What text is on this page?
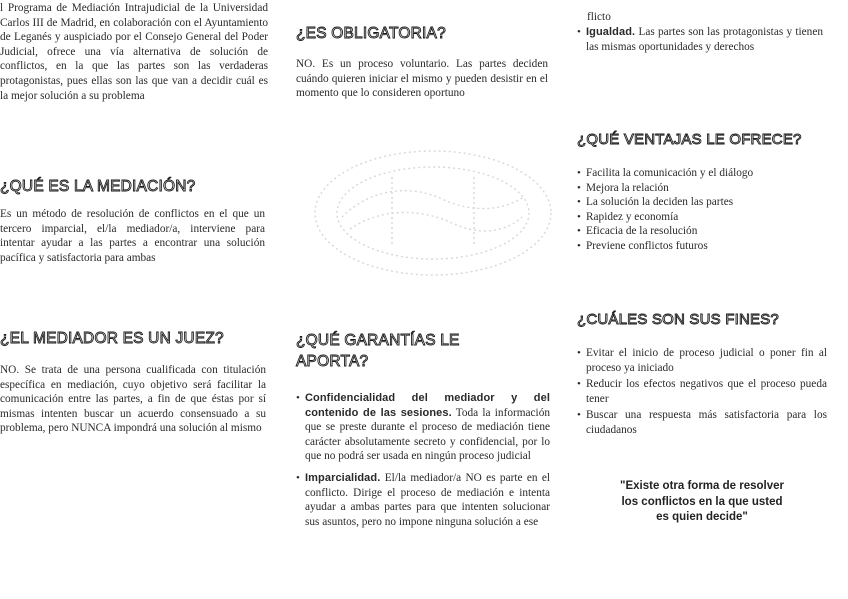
l Programa de Mediación Intrajudicial de la Universidad Carlos III de Madrid, en colaboración con el Ayuntamiento de Leganés y auspiciado por el Consejo General del Poder Judicial, ofrece una vía alternativa de solución de conflictos, en la que las partes son las verdaderas protagonistas, pues ellas son las que van a decidir cuál es la mejor solución a su problema

¿QUÉ ES LA MEDIACIÓN?

Es un método de resolución de conflictos en el que un tercero imparcial, el/la mediador/a, interviene para intentar ayudar a las partes a encontrar una solución pacífica y satisfactoria para ambas

¿EL MEDIADOR ES UN JUEZ?

NO. Se trata de una persona cualificada con titulación específica en mediación, cuyo objetivo será facilitar la comunicación entre las partes, a fin de que éstas por sí mismas intenten buscar un acuerdo consensuado a su problema, pero NUNCA impondrá una solución al mismo

¿ES OBLIGATORIA?

NO. Es un proceso voluntario. Las partes deciden cuándo quieren iniciar el mismo y pueden desistir en el momento que lo consideren oportuno

¿QUÉ GARANTÍAS LE
APORTA?
• Confidencialidad del mediador y del contenido de las sesiones. Toda la información que se preste durante el proceso de mediación tiene carácter absolutamente secreto y confidencial, por lo que no podrá ser usada en ningún proceso judicial
• Imparcialidad. El/la mediador/a NO es parte en el conflicto. Dirige el proceso de mediación e intenta ayudar a ambas partes para que intenten solucionar sus asuntos, pero no impone ninguna solución a ese

flicto

• Igualdad. Las partes son las protagonistas y tienen las mismas oportunidades y derechos
¿QUÉ VENTAJAS LE OFRECE?
• Facilita la comunicación y el diálogo
• Mejora la relación
• La solución la deciden las partes
• Rapidez y economía
• Eficacia de la resolución
• Previene conflictos futuros
¿CUÁLES SON SUS FINES?
• Evitar el inicio de proceso judicial o poner fin al proceso ya iniciado
• Reducir los efectos negativos que el proceso pueda tener
• Buscar una respuesta más satisfactoria para los ciudadanos

"Existe otra forma de resolver
los conflictos en la que usted
es quien decide"
